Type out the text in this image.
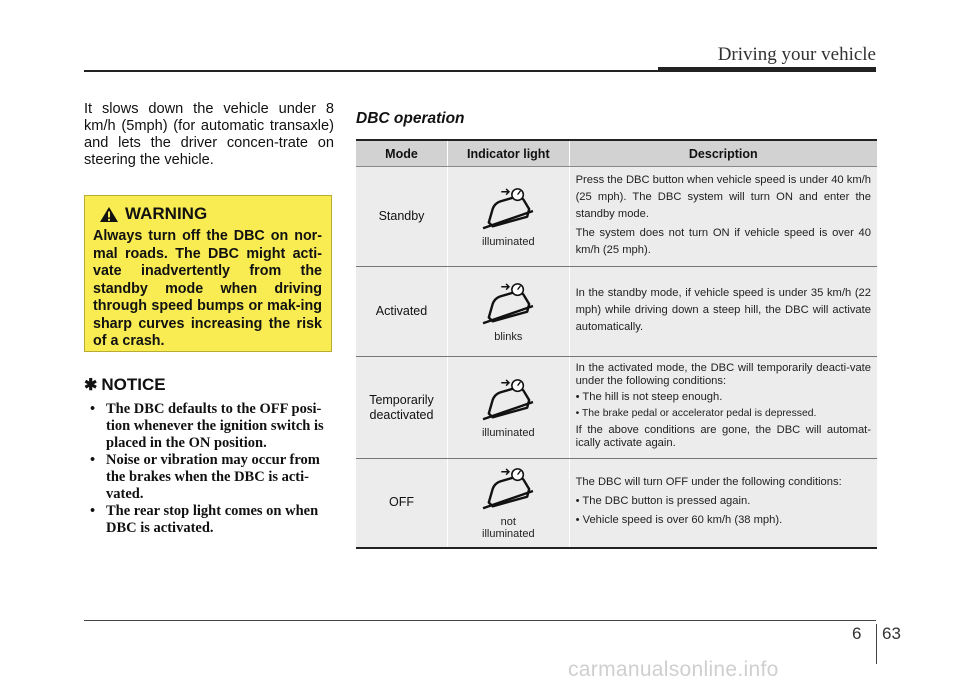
Driving your vehicle
It slows down the vehicle under 8 km/h (5mph) (for automatic transaxle) and lets the driver concen-trate on steering the vehicle.
WARNING
Always turn off the DBC on nor-mal roads. The DBC might acti-vate inadvertently from the standby mode when driving through speed bumps or mak-ing sharp curves increasing the risk of a crash.
✱ NOTICE
• The DBC defaults to the OFF posi-tion whenever the ignition switch is placed in the ON position.
• Noise or vibration may occur from the brakes when the DBC is acti-vated.
• The rear stop light comes on when DBC is activated.
DBC operation
Mode	Indicator light	Description
Standby	illuminated	Press the DBC button when vehicle speed is under 40 km/h (25 mph). The DBC system will turn ON and enter the standby mode.

The system does not turn ON if vehicle speed is over 40 km/h (25 mph).

Activated	blinks	In the standby mode, if vehicle speed is under 35 km/h (22 mph) while driving down a steep hill, the DBC will activate automatically.

Temporarily deactivated	illuminated	In the activated mode, the DBC will temporarily deacti-vate under the following conditions:

• The hill is not steep enough.

• The brake pedal or accelerator pedal is depressed.

If the above conditions are gone, the DBC will automat-ically activate again.

OFF	not illuminated	The DBC will turn OFF under the following conditions:

• The DBC button is pressed again.

• Vehicle speed is over 60 km/h (38 mph).

6 63
carmanualsonline.info
